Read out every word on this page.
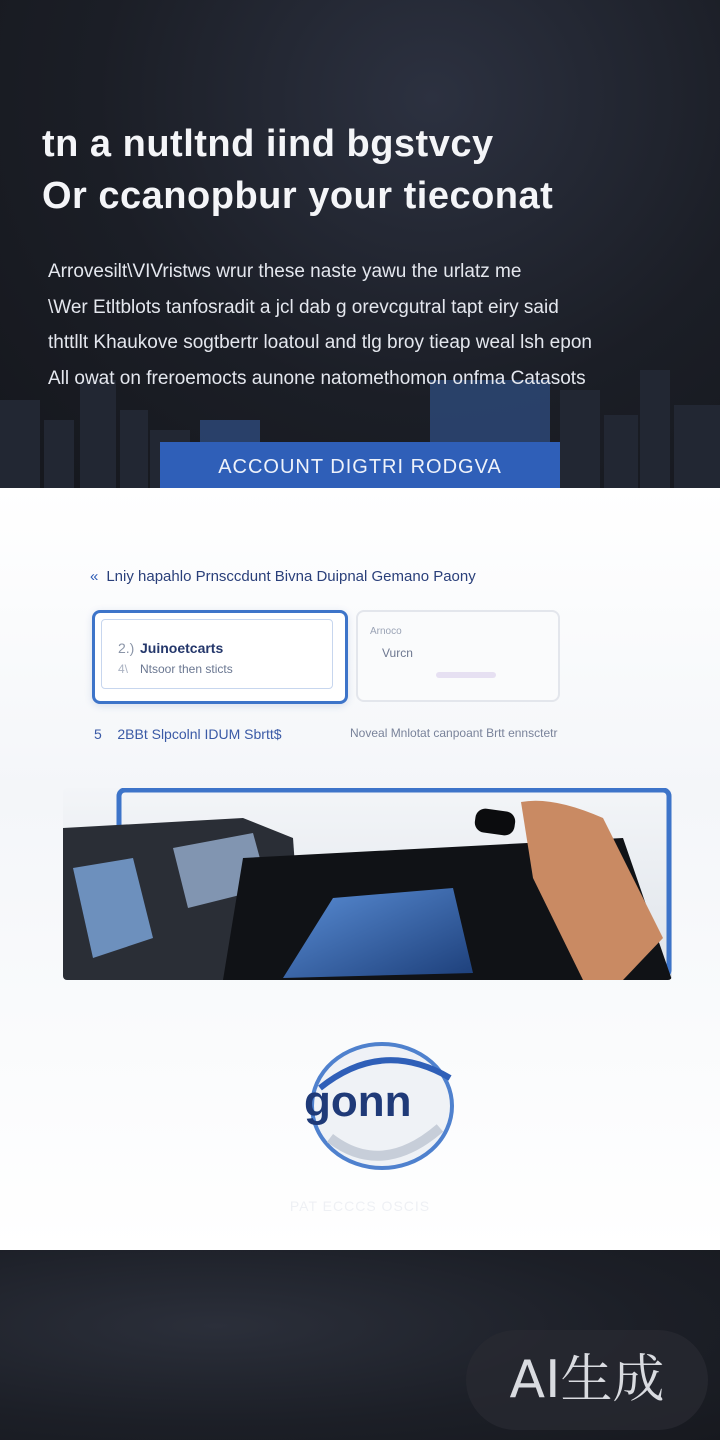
tn a nutltnd iind bgstvcy
Or ccanopbur your tieconat
Arrovesilt\VIVristws wrur these naste yawu the urlatz me
\Wer Etltblots tanfosradit a jcl dab g orevcgutral tapt eiry said
thttllt Khaukove sogtbertr loatoul and tlg broy tieap weal lsh epon
All owat on freroemocts aunone natomethomon onfma Catasots
ACCOUNT DIGTRI RODGVA
« Lniy hapahlo Prnsccdunt Bivna Duipnal Gemano Paony
2.) Juinoetcarts
4\ Ntsoor then sticts
Arnoco
Vurcn
5 2BBt Slpcolnl IDUM Sbrtt$	Noveal Mnlotat canpoant Brtt ennsctetr
gonn
PAT ECCCS OSCIS
AI生成
